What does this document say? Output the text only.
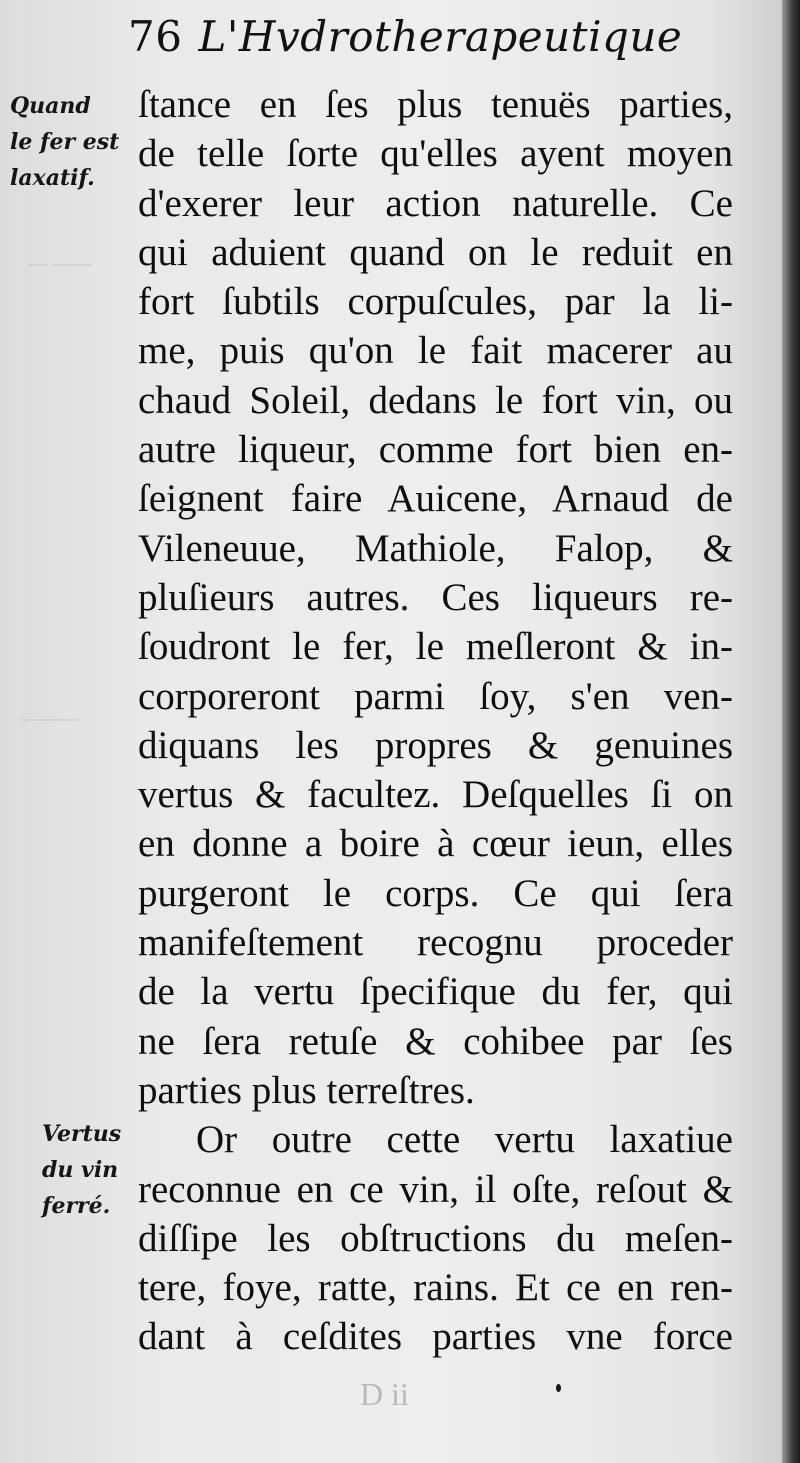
— ——
———
76 L'Hvdrotherapeutique
Quand
le fer est
laxatif.
Vertus
du vin
ferré.
ſtance en ſes plus tenuës parties,
de telle ſorte qu'elles ayent moyen
d'exerer leur action naturelle. Ce
qui aduient quand on le reduit en
fort ſubtils corpuſcules, par la li-
me, puis qu'on le fait macerer au
chaud Soleil, dedans le fort vin, ou
autre liqueur, comme fort bien en-
ſeignent faire Auicene, Arnaud de
Vileneuue, Mathiole, Falop, &
pluſieurs autres. Ces liqueurs re-
ſoudront le fer, le meſleront & in-
corporeront parmi ſoy, s'en ven-
diquans les propres & genuines
vertus & facultez. Deſquelles ſi on
en donne a boire à cœur ieun, elles
purgeront le corps. Ce qui ſera
manifeſtement recognu proceder
de la vertu ſpecifique du fer, qui
ne ſera retuſe & cohibee par ſes
parties plus terreſtres.
Or outre cette vertu laxatiue
reconnue en ce vin, il oſte, reſout &
diſſipe les obſtructions du meſen-
tere, foye, ratte, rains. Et ce en ren-
dant à ceſdites parties vne force
D ii
